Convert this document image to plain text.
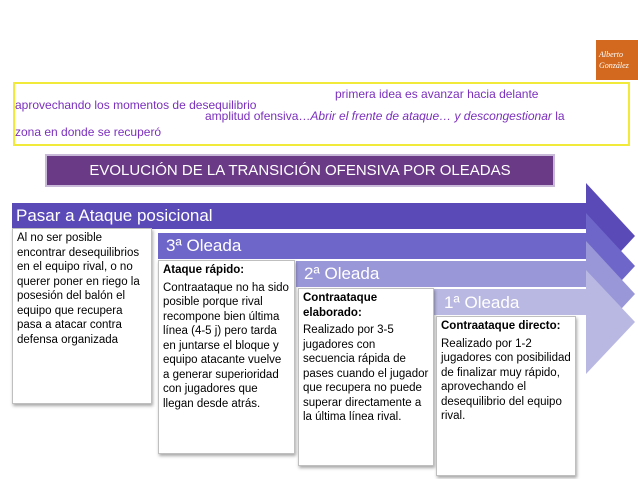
Alberto
González
primera idea es avanzar hacia delante
aprovechando los momentos de desequilibrio
amplitud ofensiva…Abrir el frente de ataque… y descongestionar la
zona en donde se recuperó
EVOLUCIÓN DE LA TRANSICIÓN OFENSIVA POR OLEADAS
Pasar a Ataque posicional
3ª Oleada
2ª Oleada
1ª Oleada

Al no ser posible encontrar desequilibrios en el equipo rival, o no querer poner en riego la posesión del balón el equipo que recupera pasa a atacar contra defensa organizada

Ataque rápido:

Contraataque no ha sido posible porque rival recompone bien última línea (4-5 j) pero tarda en juntarse el bloque y equipo atacante vuelve a generar superioridad con jugadores que llegan desde atrás.

Contraataque elaborado:

Realizado por 3-5 jugadores con secuencia rápida de pases cuando el jugador que recupera no puede superar directamente a la última línea rival.

Contraataque directo:

Realizado por 1-2 jugadores con posibilidad de finalizar muy rápido, aprovechando el desequilibrio del equipo rival.
